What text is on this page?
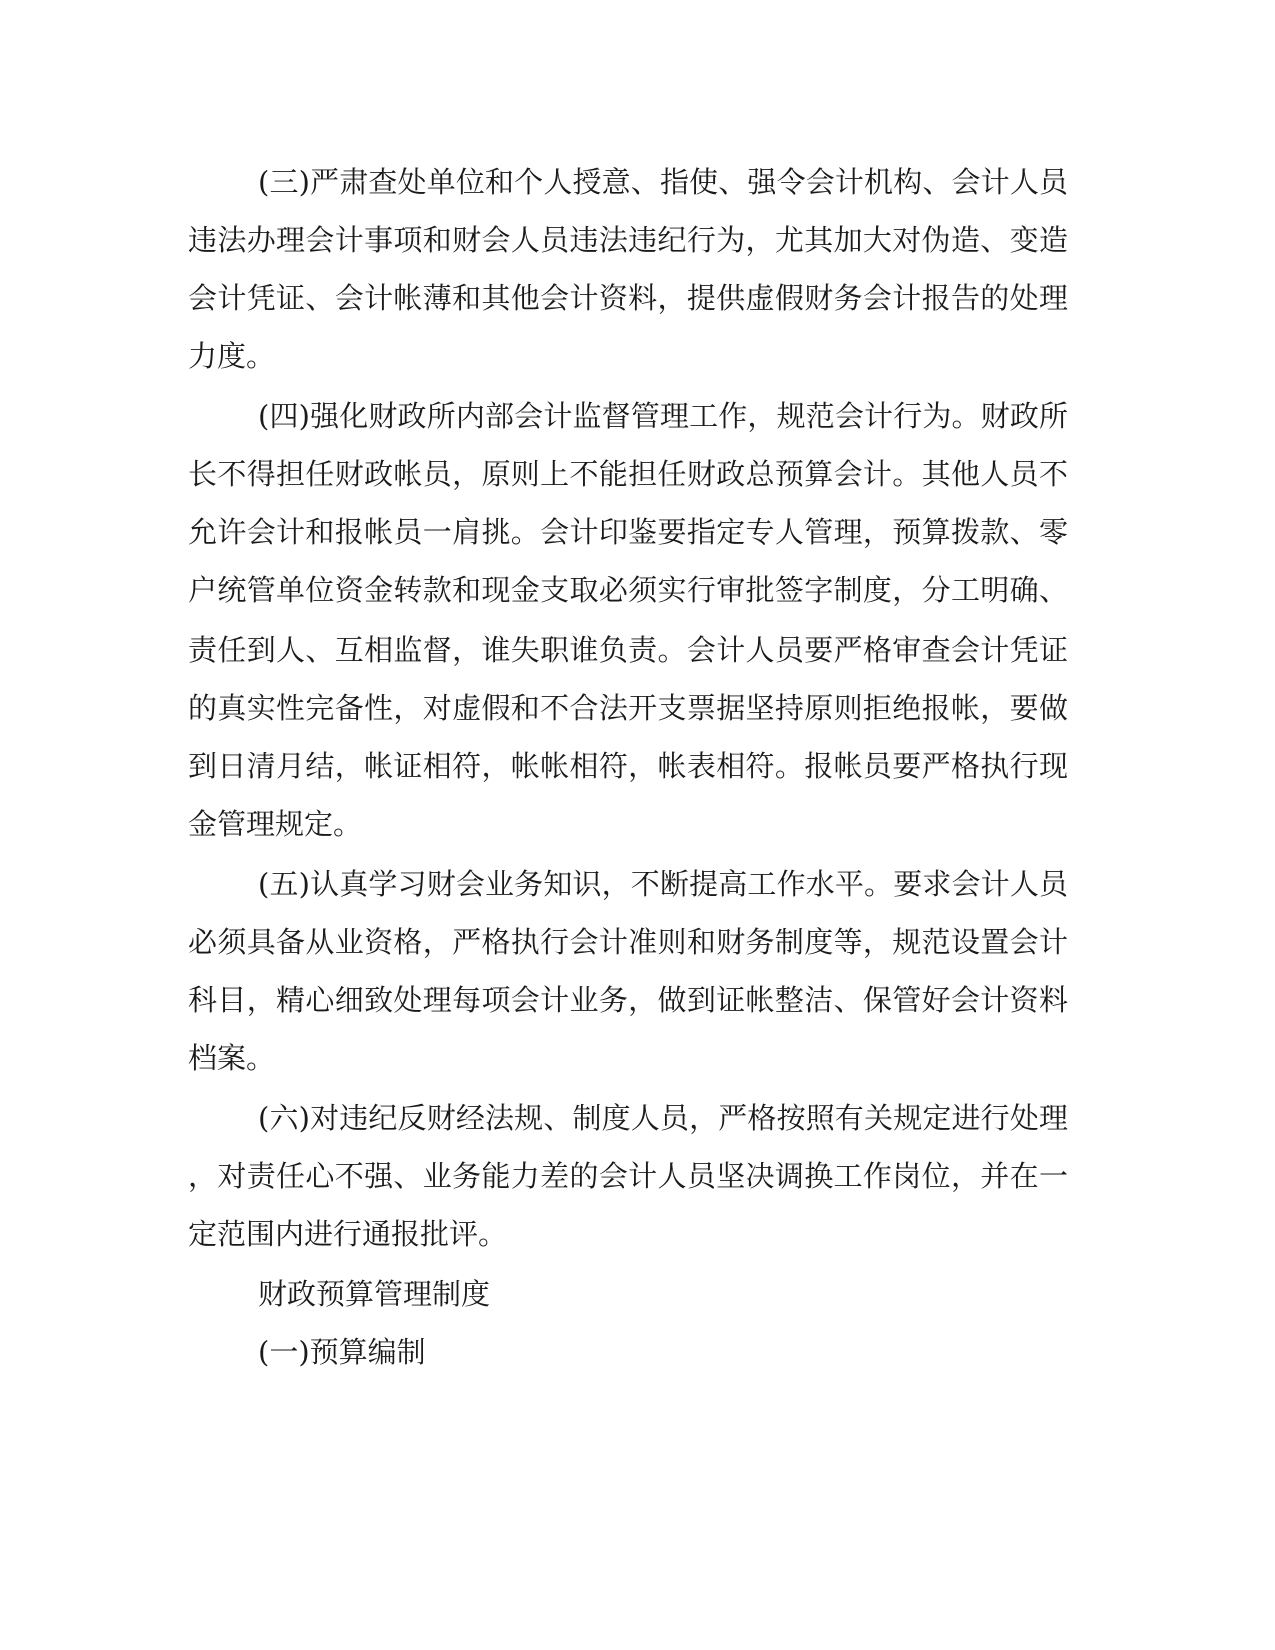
(三)严肃查处单位和个人授意、指使、强令会计机构、会计人员
违法办理会计事项和财会人员违法违纪行为，尤其加大对伪造、变造
会计凭证、会计帐薄和其他会计资料，提供虚假财务会计报告的处理
力度。
(四)强化财政所内部会计监督管理工作，规范会计行为。财政所
长不得担任财政帐员，原则上不能担任财政总预算会计。其他人员不
允许会计和报帐员一肩挑。会计印鉴要指定专人管理，预算拨款、零
户统管单位资金转款和现金支取必须实行审批签字制度，分工明确、
责任到人、互相监督，谁失职谁负责。会计人员要严格审查会计凭证
的真实性完备性，对虚假和不合法开支票据坚持原则拒绝报帐，要做
到日清月结，帐证相符，帐帐相符，帐表相符。报帐员要严格执行现
金管理规定。
(五)认真学习财会业务知识，不断提高工作水平。要求会计人员
必须具备从业资格，严格执行会计准则和财务制度等，规范设置会计
科目，精心细致处理每项会计业务，做到证帐整洁、保管好会计资料
档案。
(六)对违纪反财经法规、制度人员，严格按照有关规定进行处理
，对责任心不强、业务能力差的会计人员坚决调换工作岗位，并在一
定范围内进行通报批评。
财政预算管理制度
(一)预算编制
